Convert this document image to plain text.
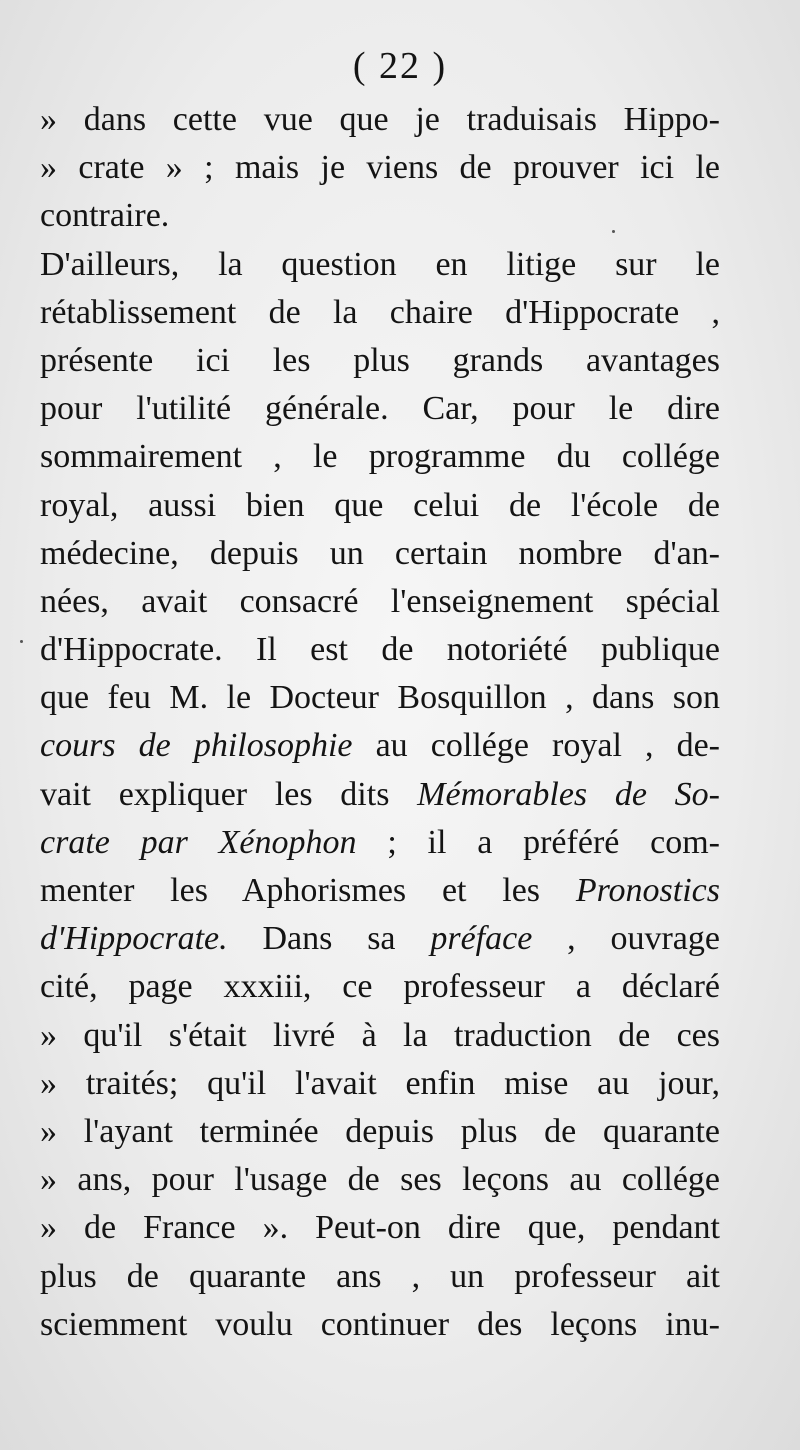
( 22 )
» dans cette vue que je traduisais Hippo-
» crate » ; mais je viens de prouver ici le
contraire.
D'ailleurs, la question en litige sur le
rétablissement de la chaire d'Hippocrate ,
présente ici les plus grands avantages
pour l'utilité générale. Car, pour le dire
sommairement , le programme du collége
royal, aussi bien que celui de l'école de
médecine, depuis un certain nombre d'an-
nées, avait consacré l'enseignement spécial
d'Hippocrate. Il est de notoriété publique
que feu M. le Docteur Bosquillon , dans son
cours de philosophie au collége royal , de-
vait expliquer les dits Mémorables de So-
crate par Xénophon ; il a préféré com-
menter les Aphorismes et les Pronostics
d'Hippocrate. Dans sa préface , ouvrage
cité, page xxxiii, ce professeur a déclaré
» qu'il s'était livré à la traduction de ces
» traités; qu'il l'avait enfin mise au jour,
» l'ayant terminée depuis plus de quarante
» ans, pour l'usage de ses leçons au collége
» de France ». Peut-on dire que, pendant
plus de quarante ans , un professeur ait
sciemment voulu continuer des leçons inu-
